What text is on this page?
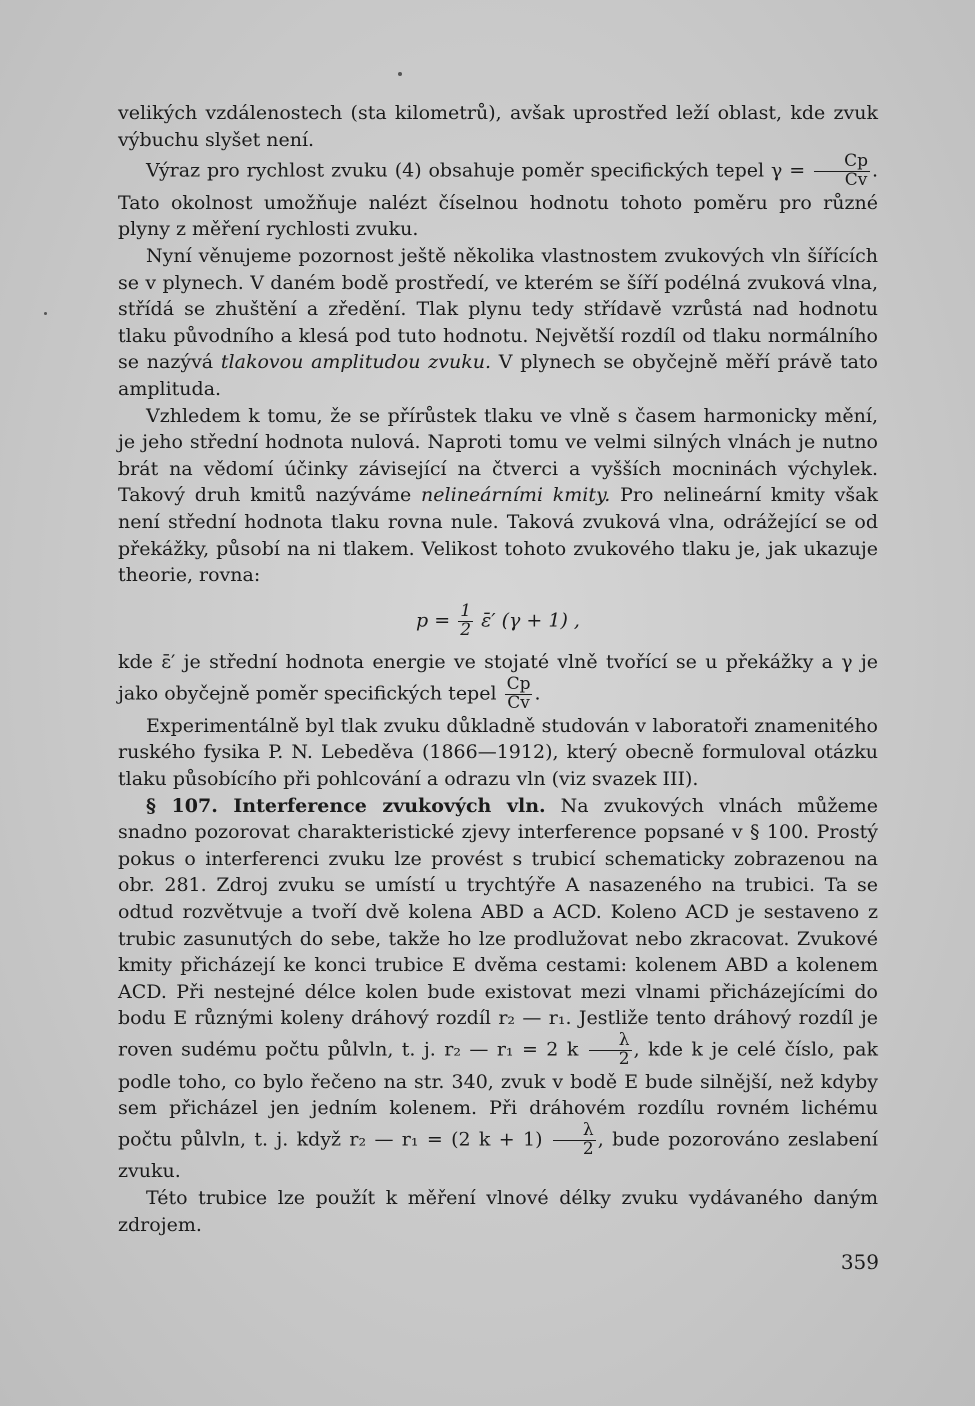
velikých vzdálenostech (sta kilometrů), avšak uprostřed leží oblast, kde zvuk výbuchu slyšet není.

Výraz pro rychlost zvuku (4) obsahuje poměr specifických tepel $\gamma = \frac{Cp}{Cv}$ . Tato okolnost umožňuje nalézt číselnou hodnotu tohoto poměru pro různé plyny z měření rychlosti zvuku.

Nyní věnujeme pozornost ještě několika vlastnostem zvukových vln šířících se v plynech. V daném bodě prostředí, ve kterém se šíří podélná zvuková vlna, střídá se zhuštění a zředění. Tlak plynu tedy střídavě vzrůstá nad hodnotu tlaku původního a klesá pod tuto hodnotu. Největší rozdíl od tlaku normálního se nazývá tlakovou amplitudou zvuku. V plynech se obyčejně měří právě tato amplituda.

Vzhledem k tomu, že se přírůstek tlaku ve vlně s časem harmonicky mění, je jeho střední hodnota nulová. Naproti tomu ve velmi silných vlnách je nutno brát na vědomí účinky závisející na čtverci a vyšších mocninách výchylek. Takový druh kmitů nazýváme nelineárními kmity. Pro nelineární kmity však není střední hodnota tlaku rovna nule. Taková zvuková vlna, odrážející se od překážky, působí na ni tlakem. Velikost tohoto zvukového tlaku je, jak ukazuje theorie, rovna:

$p = \frac{1}{2}$ ε̄′ (γ + 1) ,

kde ε̄′ je střední hodnota energie ve stojaté vlně tvořící se u překážky a γ je jako obyčejně poměr specifických tepel $\frac{Cp}{Cv}$ .

Experimentálně byl tlak zvuku důkladně studován v laboratoři znamenitého ruského fysika P. N. Lebeděva (1866—1912), který obecně formuloval otázku tlaku působícího při pohlcování a odrazu vln (viz svazek III).

§ 107. Interference zvukových vln. Na zvukových vlnách můžeme snadno pozorovat charakteristické zjevy interference popsané v § 100. Prostý pokus o interferenci zvuku lze provést s trubicí schematicky zobrazenou na obr. 281. Zdroj zvuku se umístí u trychtýře A nasazeného na trubici. Ta se odtud rozvětvuje a tvoří dvě kolena ABD a ACD. Koleno ACD je sestaveno z trubic zasunutých do sebe, takže ho lze prodlužovat nebo zkracovat. Zvukové kmity přicházejí ke konci trubice E dvěma cestami: kolenem ABD a kolenem ACD. Při nestejné délce kolen bude existovat mezi vlnami přicházejícími do bodu E různými koleny dráhový rozdíl r₂ — r₁. Jestliže tento dráhový rozdíl je roven sudému počtu půlvln, t. j. r₂ — r₁ = 2 k $\frac{\lambda}{2}$ , kde k je celé číslo, pak podle toho, co bylo řečeno na str. 340, zvuk v bodě E bude silnější, než kdyby sem přicházel jen jedním kolenem. Při dráhovém rozdílu rovném lichému počtu půlvln, t. j. když r₂ — r₁ = (2 $k + 1) \frac{\lambda}{2}$ , bude pozorováno zeslabení zvuku.

Této trubice lze použít k měření vlnové délky zvuku vydávaného daným zdrojem.

359
